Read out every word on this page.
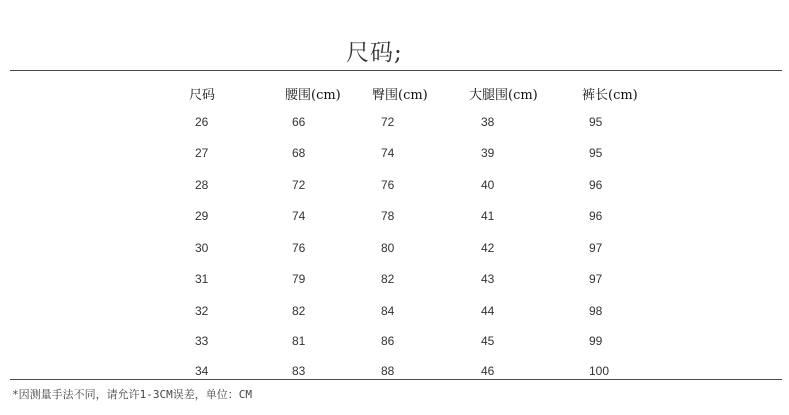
尺码;
尺码	腰围(cm) 臀围(cm)	大腿围(cm)	裤长(cm)
26	66	72	38	95
27	68	74	39	95
28	72	76	40	96
29	74	78	41	96
30	76	80	42	97
31	79	82	43	97
32	82	84	44	98
33	81	86	45	99
34	83	88	46	100
*因测量手法不同，请允许1-3CM误差，单位：CM
